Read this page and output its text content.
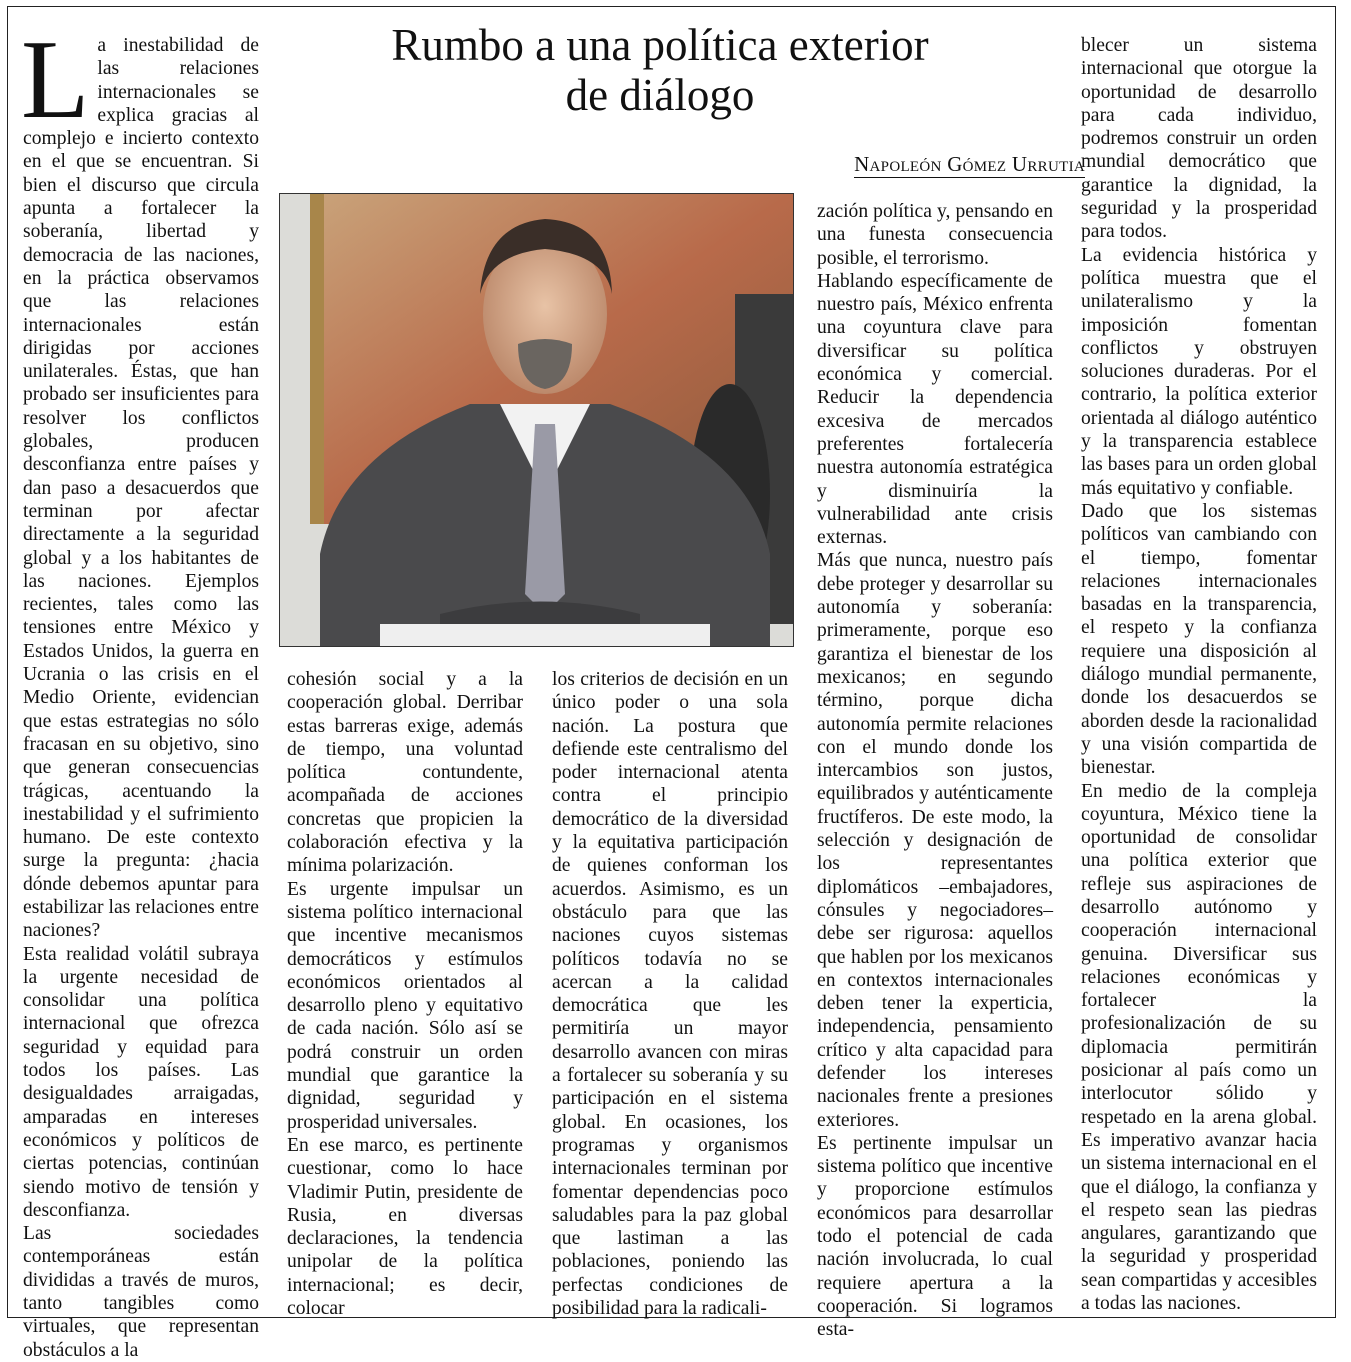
Rumbo a una política exterior
de diálogo
Napoleón Gómez Urrutia
L a inestabilidad de las relaciones internacionales se explica gracias al complejo e incierto contexto en el que se encuentran. Si bien el discurso que circula apunta a fortalecer la soberanía, libertad y democracia de las naciones, en la práctica observamos que las relaciones internacionales están dirigidas por acciones unilaterales. Éstas, que han probado ser insuficientes para resolver los conflictos globales, producen desconfianza entre países y dan paso a desacuerdos que terminan por afectar directamente a la seguridad global y a los habitantes de las naciones. Ejemplos recientes, tales como las tensiones entre México y Estados Unidos, la guerra en Ucrania o las crisis en el Medio Oriente, evidencian que estas estrategias no sólo fracasan en su objetivo, sino que generan consecuencias trágicas, acentuando la inestabilidad y el sufrimiento humano. De este contexto surge la pregunta: ¿hacia dónde debemos apuntar para estabilizar las relaciones entre naciones?

Esta realidad volátil subraya la urgente necesidad de consolidar una política internacional que ofrezca seguridad y equidad para todos los países. Las desigualdades arraigadas, amparadas en intereses económicos y políticos de ciertas potencias, continúan siendo motivo de tensión y desconfianza.

Las sociedades contemporáneas están divididas a través de muros, tanto tangibles como virtuales, que representan obstáculos a la

cohesión social y a la cooperación global. Derribar estas barreras exige, además de tiempo, una voluntad política contundente, acompañada de acciones concretas que propicien la colaboración efectiva y la mínima polarización.

Es urgente impulsar un sistema político internacional que incentive mecanismos democráticos y estímulos económicos orientados al desarrollo pleno y equitativo de cada nación. Sólo así se podrá construir un orden mundial que garantice la dignidad, seguridad y prosperidad universales.

En ese marco, es pertinente cuestionar, como lo hace Vladimir Putin, presidente de Rusia, en diversas declaraciones, la tendencia unipolar de la política internacional; es decir, colocar

los criterios de decisión en un único poder o una sola nación. La postura que defiende este centralismo del poder internacional atenta contra el principio democrático de la diversidad y la equitativa participación de quienes conforman los acuerdos. Asimismo, es un obstáculo para que las naciones cuyos sistemas políticos todavía no se acercan a la calidad democrática que les permitiría un mayor desarrollo avancen con miras a fortalecer su soberanía y su participación en el sistema global. En ocasiones, los programas y organismos internacionales terminan por fomentar dependencias poco saludables para la paz global que lastiman a las poblaciones, poniendo las perfectas condiciones de posibilidad para la radicali-

zación política y, pensando en una funesta consecuencia posible, el terrorismo.

Hablando específicamente de nuestro país, México enfrenta una coyuntura clave para diversificar su política económica y comercial. Reducir la dependencia excesiva de mercados preferentes fortalecería nuestra autonomía estratégica y disminuiría la vulnerabilidad ante crisis externas.

Más que nunca, nuestro país debe proteger y desarrollar su autonomía y soberanía: primeramente, porque eso garantiza el bienestar de los mexicanos; en segundo término, porque dicha autonomía permite relaciones con el mundo donde los intercambios son justos, equilibrados y auténticamente fructíferos. De este modo, la selección y designación de los representantes diplomáticos –embajadores, cónsules y negociadores– debe ser rigurosa: aquellos que hablen por los mexicanos en contextos internacionales deben tener la experticia, independencia, pensamiento crítico y alta capacidad para defender los intereses nacionales frente a presiones exteriores.

Es pertinente impulsar un sistema político que incentive y proporcione estímulos económicos para desarrollar todo el potencial de cada nación involucrada, lo cual requiere apertura a la cooperación. Si logramos esta-

blecer un sistema internacional que otorgue la oportunidad de desarrollo para cada individuo, podremos construir un orden mundial democrático que garantice la dignidad, la seguridad y la prosperidad para todos.

La evidencia histórica y política muestra que el unilateralismo y la imposición fomentan conflictos y obstruyen soluciones duraderas. Por el contrario, la política exterior orientada al diálogo auténtico y la transparencia establece las bases para un orden global más equitativo y confiable.

Dado que los sistemas políticos van cambiando con el tiempo, fomentar relaciones internacionales basadas en la transparencia, el respeto y la confianza requiere una disposición al diálogo mundial permanente, donde los desacuerdos se aborden desde la racionalidad y una visión compartida de bienestar.

En medio de la compleja coyuntura, México tiene la oportunidad de consolidar una política exterior que refleje sus aspiraciones de desarrollo autónomo y cooperación internacional genuina. Diversificar sus relaciones económicas y fortalecer la profesionalización de su diplomacia permitirán posicionar al país como un interlocutor sólido y respetado en la arena global. Es imperativo avanzar hacia un sistema internacional en el que el diálogo, la confianza y el respeto sean las piedras angulares, garantizando que la seguridad y prosperidad sean compartidas y accesibles a todas las naciones.
